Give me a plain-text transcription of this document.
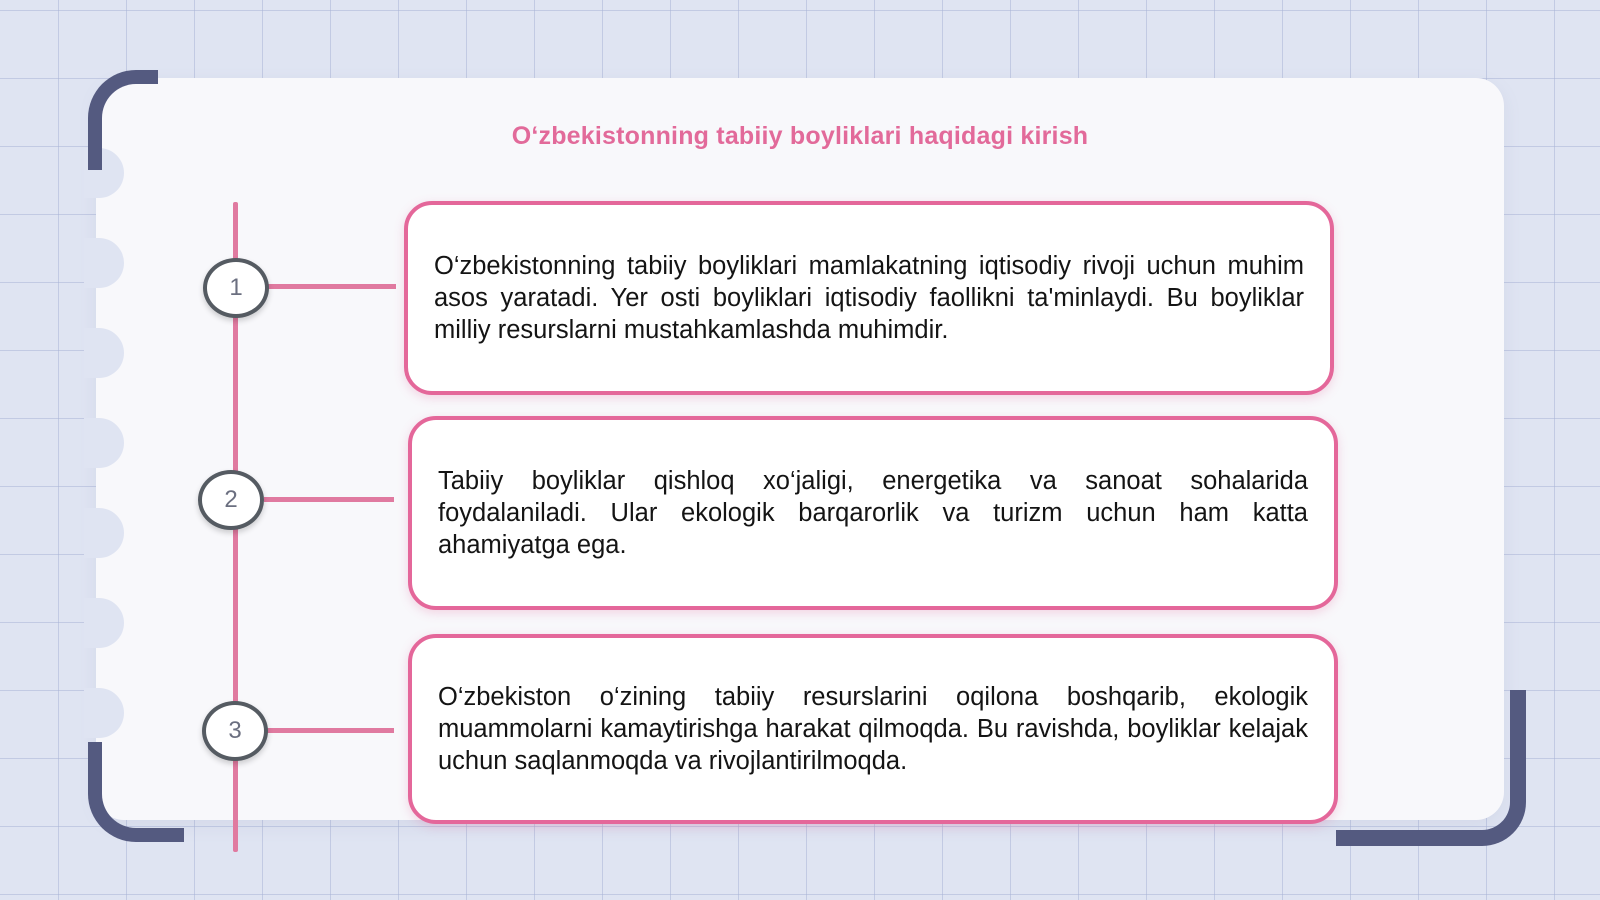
O‘zbekistonning tabiiy boyliklari haqidagi kirish
1

O‘zbekistonning tabiiy boyliklari mamlakatning iqtisodiy rivoji uchun muhim asos yaratadi. Yer osti boyliklari iqtisodiy faollikni ta'minlaydi. Bu boyliklar milliy resurslarni mustahkamlashda muhimdir.

2

Tabiiy boyliklar qishloq xo‘jaligi, energetika va sanoat sohalarida foydalaniladi. Ular ekologik barqarorlik va turizm uchun ham katta ahamiyatga ega.

3

O‘zbekiston o‘zining tabiiy resurslarini oqilona boshqarib, ekologik muammolarni kamaytirishga harakat qilmoqda. Bu ravishda, boyliklar kelajak uchun saqlanmoqda va rivojlantirilmoqda.
